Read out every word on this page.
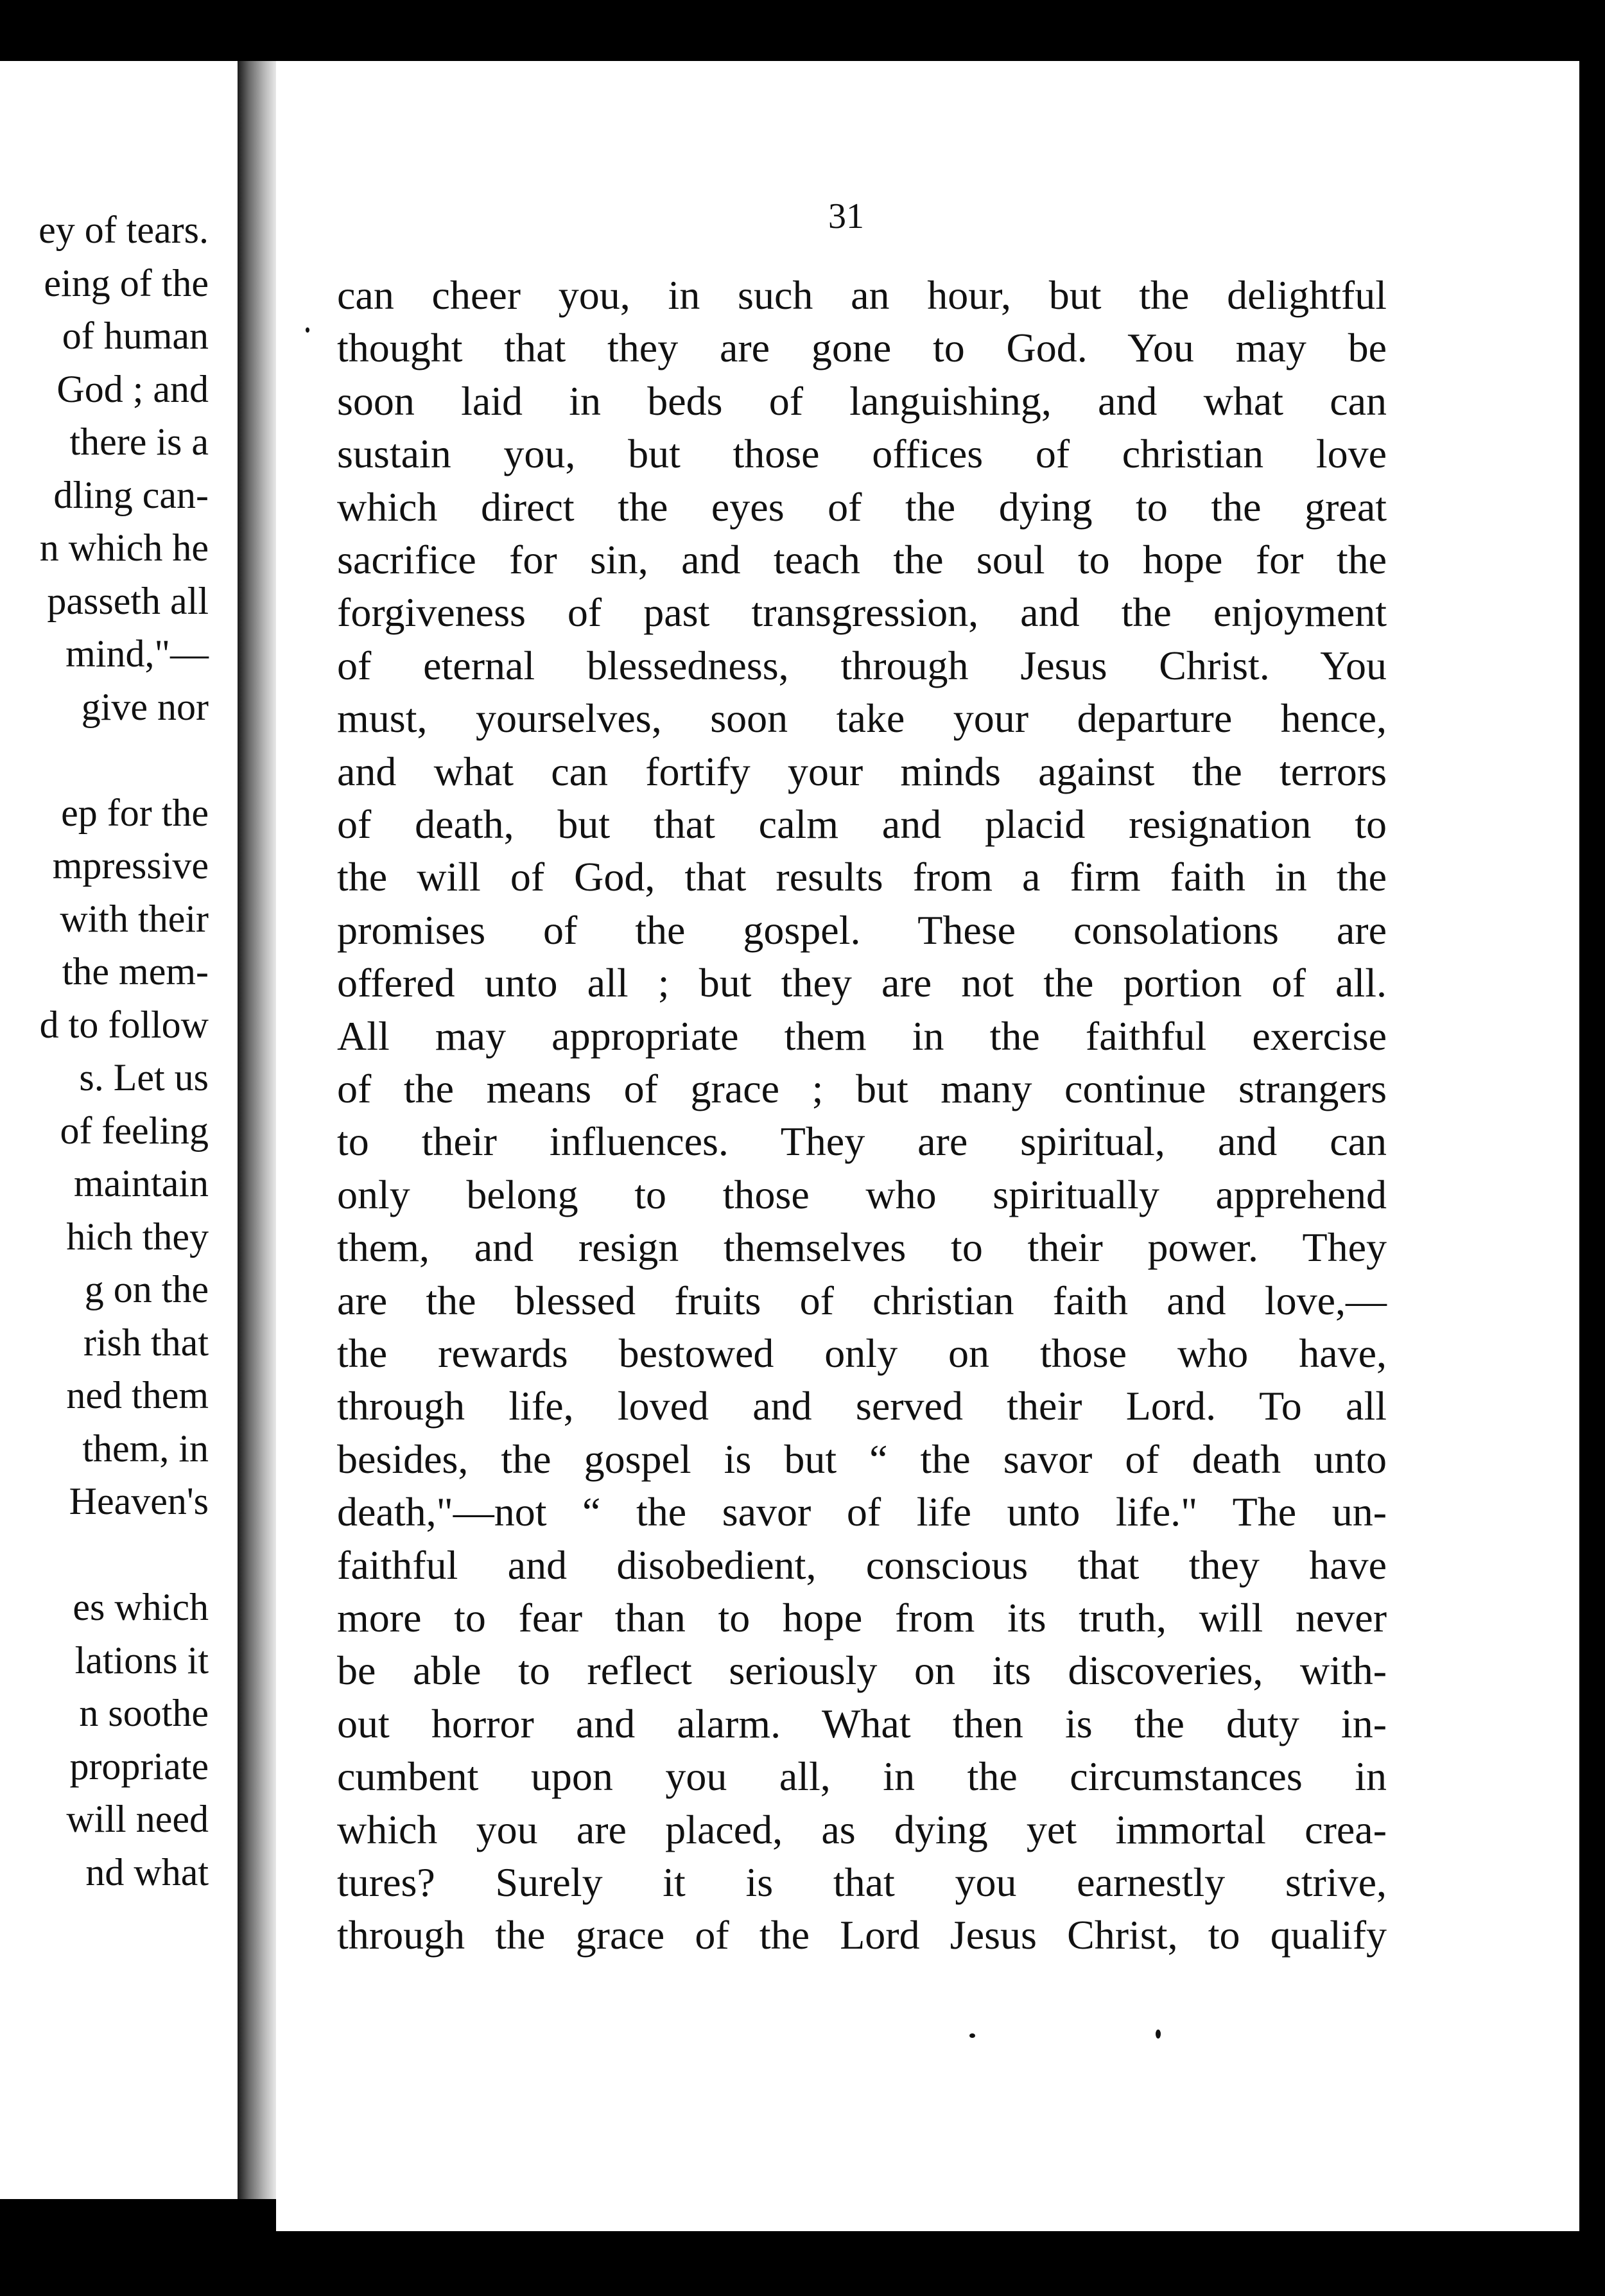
ey of tears.
eing of the
of human
God ; and
there is a
dling can-
n which he
passeth all
mind,"—
give nor
ep for the
mpressive
with their
the mem-
d to follow
s. Let us
of feeling
maintain
hich they
g on the
rish that
ned them
them, in
Heaven's
es which
lations it
n soothe
propriate
will need
nd what
31
can cheer you, in such an hour, but the delightful
thought that they are gone to God. You may be
soon laid in beds of languishing, and what can
sustain you, but those offices of christian love
which direct the eyes of the dying to the great
sacrifice for sin, and teach the soul to hope for the
forgiveness of past transgression, and the enjoyment
of eternal blessedness, through Jesus Christ. You
must, yourselves, soon take your departure hence,
and what can fortify your minds against the terrors
of death, but that calm and placid resignation to
the will of God, that results from a firm faith in the
promises of the gospel. These consolations are
offered unto all ; but they are not the portion of all.
All may appropriate them in the faithful exercise
of the means of grace ; but many continue strangers
to their influences. They are spiritual, and can
only belong to those who spiritually apprehend
them, and resign themselves to their power. They
are the blessed fruits of christian faith and love,—
the rewards bestowed only on those who have,
through life, loved and served their Lord. To all
besides, the gospel is but “ the savor of death unto
death,"—not “ the savor of life unto life." The un-
faithful and disobedient, conscious that they have
more to fear than to hope from its truth, will never
be able to reflect seriously on its discoveries, with-
out horror and alarm. What then is the duty in-
cumbent upon you all, in the circumstances in
which you are placed, as dying yet immortal crea-
tures? Surely it is that you earnestly strive,
through the grace of the Lord Jesus Christ, to qualify
